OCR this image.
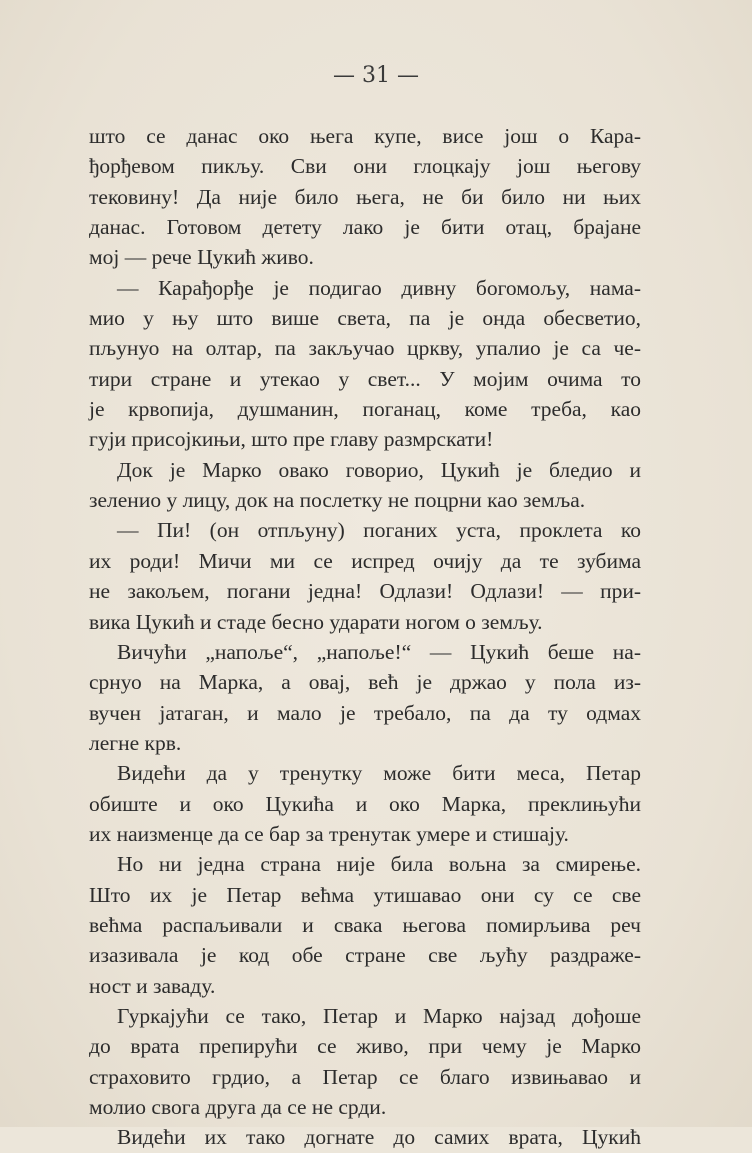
— 31 —
што се данас око њега купе, висе још о Кара-
ђорђевом пикљу. Сви они глоцкају још његову
тековину! Да није било њега, не би било ни њих
данас. Готовом детету лако је бити отац, брајане
мој — рече Цукић живо.
— Карађорђе је подигао дивну богомољу, нама-
мио у њу што више света, па је онда обесветио,
пљунуо на олтар, па закључао цркву, упалио је са че-
тири стране и утекао у свет... У мојим очима то
је крвопија, душманин, поганац, коме треба, као
гуји присојкињи, што пре главу размрскати!
Док је Марко овако говорио, Цукић је бледио и
зеленио у лицу, док на послетку не поцрни као земља.
— Пи! (он отпљуну) поганих уста, проклета ко
их роди! Мичи ми се испред очију да те зубима
не закољем, погани једна! Одлази! Одлази! — при-
вика Цукић и стаде бесно ударати ногом о земљу.
Вичући „напоље“, „напоље!“ — Цукић беше на-
срнуо на Марка, а овај, већ је држао у пола из-
вучен јатаган, и мало је требало, па да ту одмах
легне крв.
Видећи да у тренутку може бити меса, Петар
обиште и око Цукића и око Марка, преклињући
их наизменце да се бар за тренутак умере и стишају.
Но ни једна страна није била вољна за смирење.
Што их је Петар већма утишавао они су се све
већма распаљивали и свака његова помирљива реч
изазивала је код обе стране све љућу раздраже-
ност и заваду.
Гуркајући се тако, Петар и Марко најзад дођоше
до врата препирући се живо, при чему је Марко
страховито грдио, а Петар се благо извињавао и
молио свога друга да се не срди.
Видећи их тако догнате до самих врата, Цукић
